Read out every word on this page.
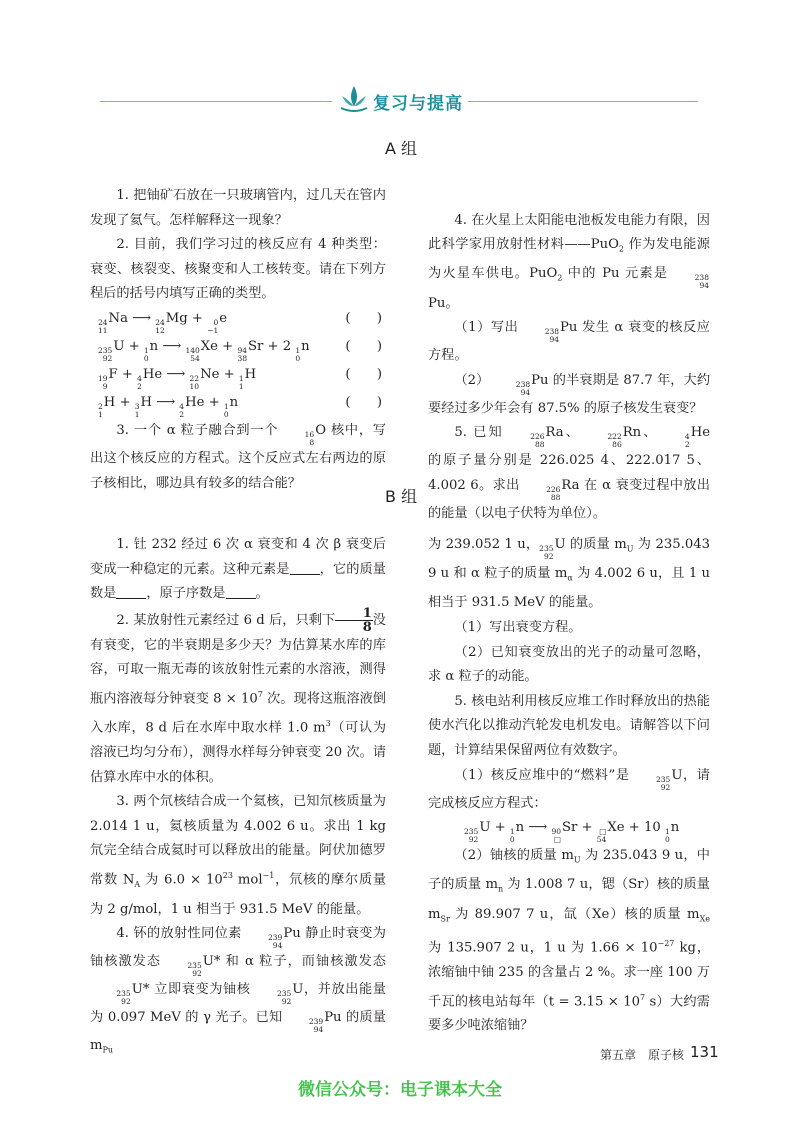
复习与提高
A 组

1. 把铀矿石放在一只玻璃管内，过几天在管内发现了氦气。怎样解释这一现象？

2. 目前，我们学习过的核反应有 4 种类型：衰变、核裂变、核聚变和人工核转变。请在下列方程后的括号内填写正确的类型。

24
11
Na ⟶ 24
12
Mg + 0
−1
e	(　　)
235
92
U + 1
0
n ⟶ 140
54
Xe + 94
38
Sr + 2 1
0
n	(　　)
19
9
F + 4
2
He ⟶ 22
10
Ne + 1
1
H	(　　)
2
1
H + 3
1
H ⟶ 4
2
He + 1
0
n	(　　)

3. 一个 α 粒子融合到一个	16
8
O 核中，写出这个核反应的方程式。这个反应式左右两边的原子核相比，哪边具有较多的结合能？

4. 在火星上太阳能电池板发电能力有限，因此科学家用放射性材料——PuO$_2$ 作为发电能源为火星车供电。PuO$_2$ 中的 Pu 元素是	238
94
Pu。

（1）写出	238
94
Pu 发生 α 衰变的核反应方程。

（2）	238
94
Pu 的半衰期是 87.7 年，大约要经过多少年会有 87.5% 的原子核发生衰变？

5. 已知	226
88
Ra、	222
86
Rn、	4
2
He 的原子量分别是 226.025 4、222.017 5、4.002 6。求出	226
88
Ra 在 α 衰变过程中放出的能量（以电子伏特为单位）。

B 组

1. 钍 232 经过 6 次 α 衰变和 4 次 β 衰变后变成一种稳定的元素。这种元素是 ，它的质量数是 ，原子序数是 。

2. 某放射性元素经过 6 d 后，只剩下 $\frac{1}{8}$ 没有衰变，它的半衰期是多少天？为估算某水库的库容，可取一瓶无毒的该放射性元素的水溶液，测得瓶内溶液每分钟衰变 $8 \times 10^7$ 次。现将这瓶溶液倒入水库，8 d 后在水库中取水样 1.0 $m^3$（可认为溶液已均匀分布），测得水样每分钟衰变 20 次。请估算水库中水的体积。

3. 两个氘核结合成一个氦核，已知氘核质量为 2.014 1 u，氦核质量为 4.002 6 u。求出 1 kg 氘完全结合成氦时可以释放出的能量。阿伏加德罗常数 $N_A$ 为 $6.0 \times 10^{23}$ mol$^{-1}$，氘核的摩尔质量为 2 g/mol，1 u 相当于 931.5 MeV 的能量。

4. 钚的放射性同位素	239
94
Pu 静止时衰变为铀核激发态	235
92
U* 和 α 粒子，而铀核激发态
235
92
U* 立即衰变为铀核	235
92
U，并放出能量为 0.097 MeV 的 γ 光子。已知	239
94
Pu 的质量 $m_{Pu}$

为 239.052 1 u， 235
92
U 的质量 $m_U$ 为 235.043 9 u 和 α 粒子的质量 $m_\alpha$ 为 4.002 6 u，且 1 u 相当于 931.5 MeV 的能量。

（1）写出衰变方程。

（2）已知衰变放出的光子的动量可忽略，求 α 粒子的动能。

5. 核电站利用核反应堆工作时释放出的热能使水汽化以推动汽轮发电机发电。请解答以下问题，计算结果保留两位有效数字。

（1）核反应堆中的“燃料”是	235
92
U，请完成核反应方程式：

235
92
U + 1
0
n ⟶ 90
□
Sr + □
54
Xe + 10 1
0
n

（2）铀核的质量 $m_U$ 为 235.043 9 u，中子的质量 $m_n$ 为 1.008 7 u，锶（Sr）核的质量 $m_{Sr}$ 为 89.907 7 u，氙（Xe）核的质量 $m_{Xe}$ 为 135.907 2 u，1 u 为 $1.66 \times 10^{-27}$ kg，浓缩铀中铀 235 的含量占 2 %。求一座 100 万千瓦的核电站每年（$t = 3.15 \times 10^7$ s）大约需要多少吨浓缩铀？

第五章　原子核 131
微信公众号：电子课本大全
